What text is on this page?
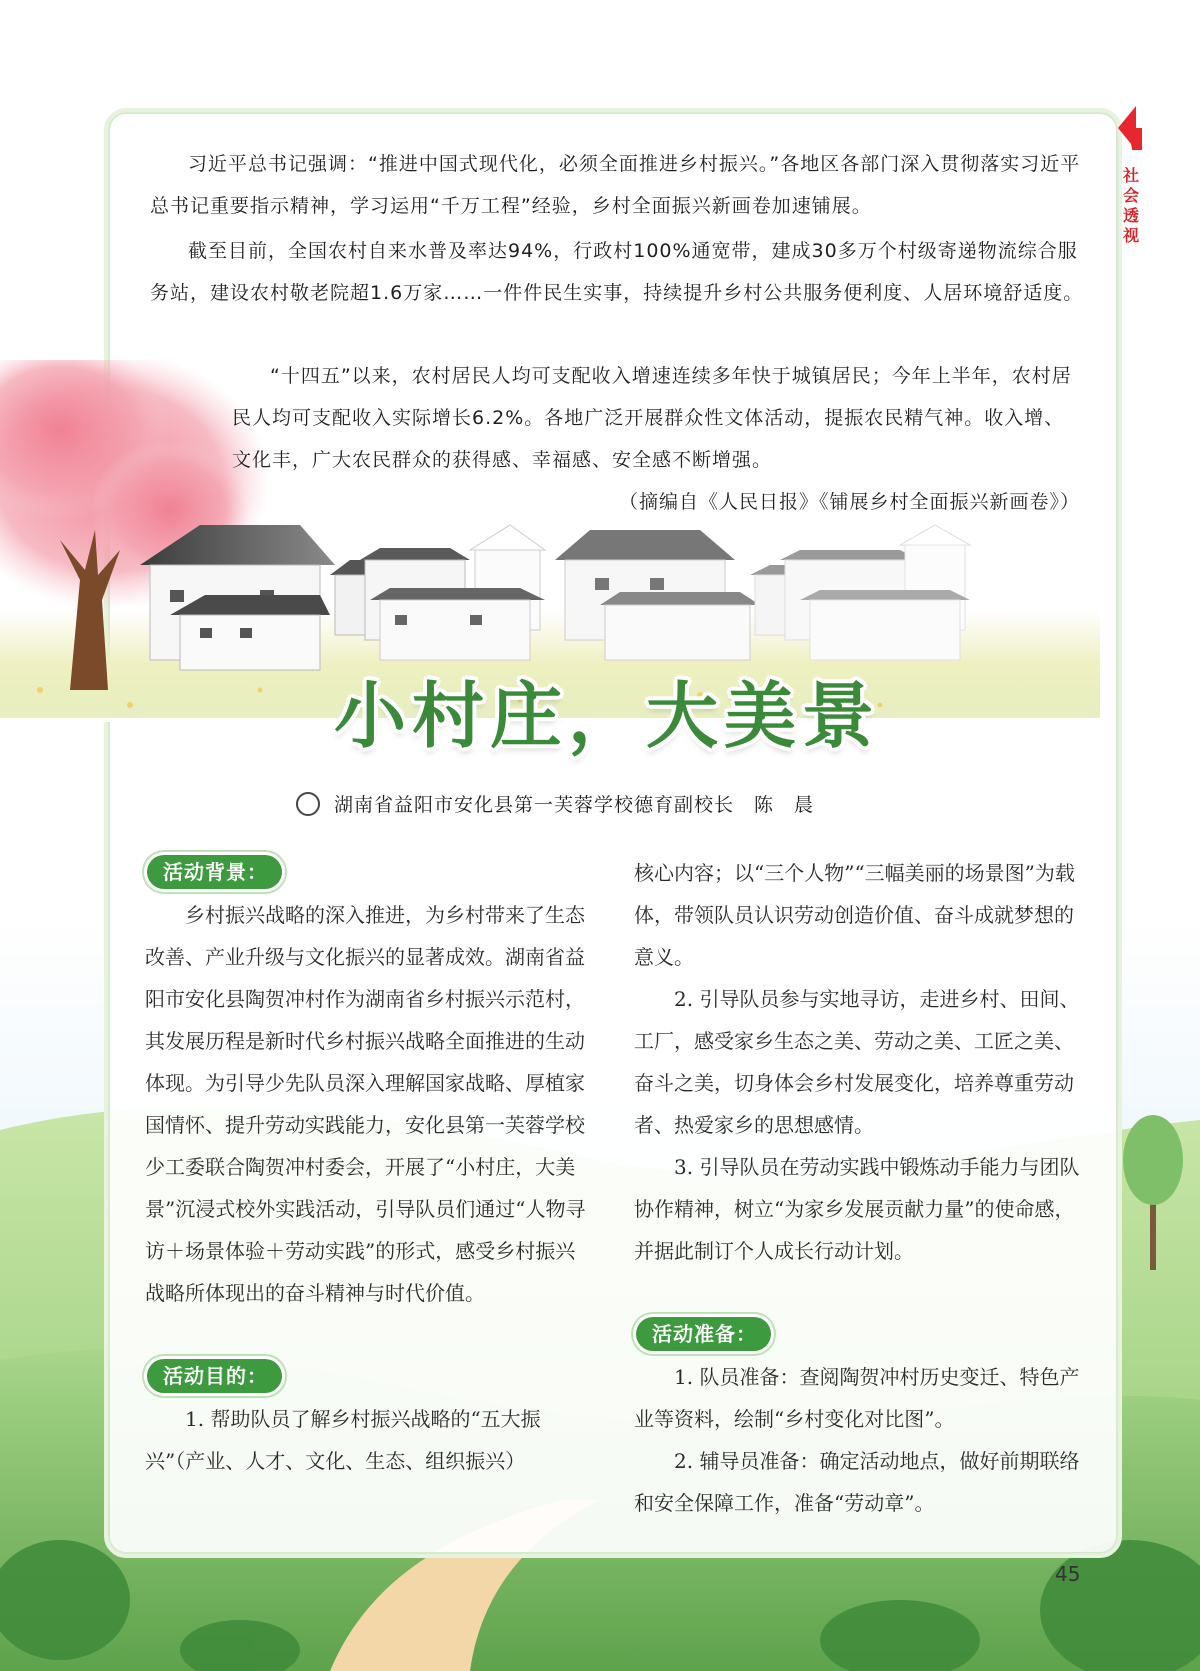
社会透视

习近平总书记强调：“推进中国式现代化，必须全面推进乡村振兴。”各地区各部门深入贯彻落实习近平总书记重要指示精神，学习运用“千万工程”经验，乡村全面振兴新画卷加速铺展。

截至目前，全国农村自来水普及率达94%，行政村100%通宽带，建成30多万个村级寄递物流综合服务站，建设农村敬老院超1.6万家……一件件民生实事，持续提升乡村公共服务便利度、人居环境舒适度。

“十四五”以来，农村居民人均可支配收入增速连续多年快于城镇居民；今年上半年，农村居民人均可支配收入实际增长6.2%。各地广泛开展群众性文体活动，提振农民精气神。收入增、文化丰，广大农民群众的获得感、幸福感、安全感不断增强。

（摘编自《人民日报》《铺展乡村全面振兴新画卷》）
小村庄，大美景
湖南省益阳市安化县第一芙蓉学校德育副校长　陈　晨
活动背景：

乡村振兴战略的深入推进，为乡村带来了生态改善、产业升级与文化振兴的显著成效。湖南省益阳市安化县陶贺冲村作为湖南省乡村振兴示范村，其发展历程是新时代乡村振兴战略全面推进的生动体现。为引导少先队员深入理解国家战略、厚植家国情怀、提升劳动实践能力，安化县第一芙蓉学校少工委联合陶贺冲村委会，开展了“小村庄，大美景”沉浸式校外实践活动，引导队员们通过“人物寻访＋场景体验＋劳动实践”的形式，感受乡村振兴战略所体现出的奋斗精神与时代价值。

活动目的：

1. 帮助队员了解乡村振兴战略的“五大振兴”（产业、人才、文化、生态、组织振兴）

核心内容；以“三个人物”“三幅美丽的场景图”为载体，带领队员认识劳动创造价值、奋斗成就梦想的意义。

2. 引导队员参与实地寻访，走进乡村、田间、工厂，感受家乡生态之美、劳动之美、工匠之美、奋斗之美，切身体会乡村发展变化，培养尊重劳动者、热爱家乡的思想感情。

3. 引导队员在劳动实践中锻炼动手能力与团队协作精神，树立“为家乡发展贡献力量”的使命感，并据此制订个人成长行动计划。

活动准备：

1. 队员准备：查阅陶贺冲村历史变迁、特色产业等资料，绘制“乡村变化对比图”。

2. 辅导员准备：确定活动地点，做好前期联络和安全保障工作，准备“劳动章”。

45
